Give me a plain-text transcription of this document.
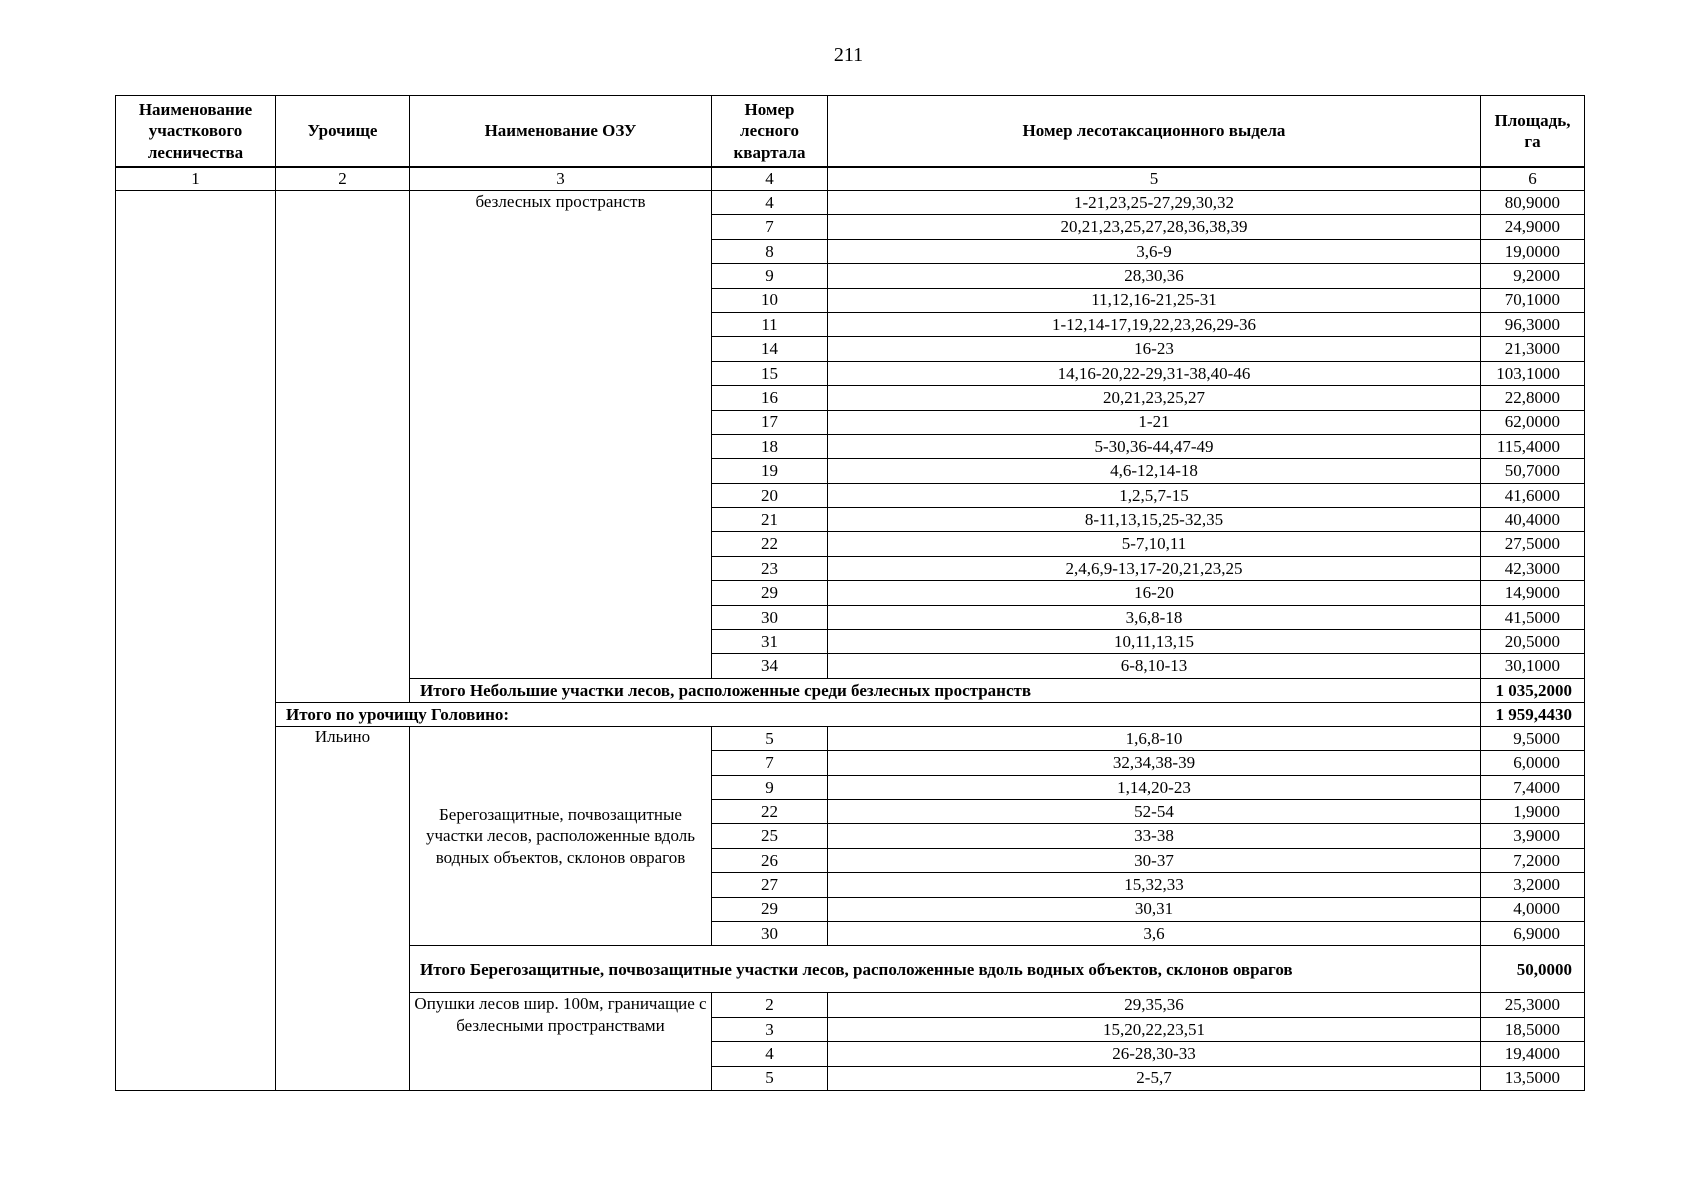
211
Наименование участкового лесничества	Урочище	Наименование ОЗУ	Номер лесного квартала	Номер лесотаксационного выдела	Площадь, га
1	2	3	4	5	6
		безлесных пространств	4	1-21,23,25-27,29,30,32	80,9000
			7	20,21,23,25,27,28,36,38,39	24,9000
			8	3,6-9	19,0000
			9	28,30,36	9,2000
			10	11,12,16-21,25-31	70,1000
			11	1-12,14-17,19,22,23,26,29-36	96,3000
			14	16-23	21,3000
			15	14,16-20,22-29,31-38,40-46	103,1000
			16	20,21,23,25,27	22,8000
			17	1-21	62,0000
			18	5-30,36-44,47-49	115,4000
			19	4,6-12,14-18	50,7000
			20	1,2,5,7-15	41,6000
			21	8-11,13,15,25-32,35	40,4000
			22	5-7,10,11	27,5000
			23	2,4,6,9-13,17-20,21,23,25	42,3000
			29	16-20	14,9000
			30	3,6,8-18	41,5000
			31	10,11,13,15	20,5000
			34	6-8,10-13	30,1000
		Итого Небольшие участки лесов, расположенные среди безлесных пространств			1 035,2000
	Итого по урочищу Головино:				1 959,4430
	Ильино	Берегозащитные, почвозащитные участки лесов, расположенные вдоль водных объектов, склонов оврагов	5	1,6,8-10	9,5000
			7	32,34,38-39	6,0000
			9	1,14,20-23	7,4000
			22	52-54	1,9000
			25	33-38	3,9000
			26	30-37	7,2000
			27	15,32,33	3,2000
			29	30,31	4,0000
			30	3,6	6,9000
		Итого Берегозащитные, почвозащитные участки лесов, расположенные вдоль водных объектов, склонов оврагов			50,0000
		Опушки лесов шир. 100м, граничащие с безлесными пространствами	2	29,35,36	25,3000
			3	15,20,22,23,51	18,5000
			4	26-28,30-33	19,4000
			5	2-5,7	13,5000
